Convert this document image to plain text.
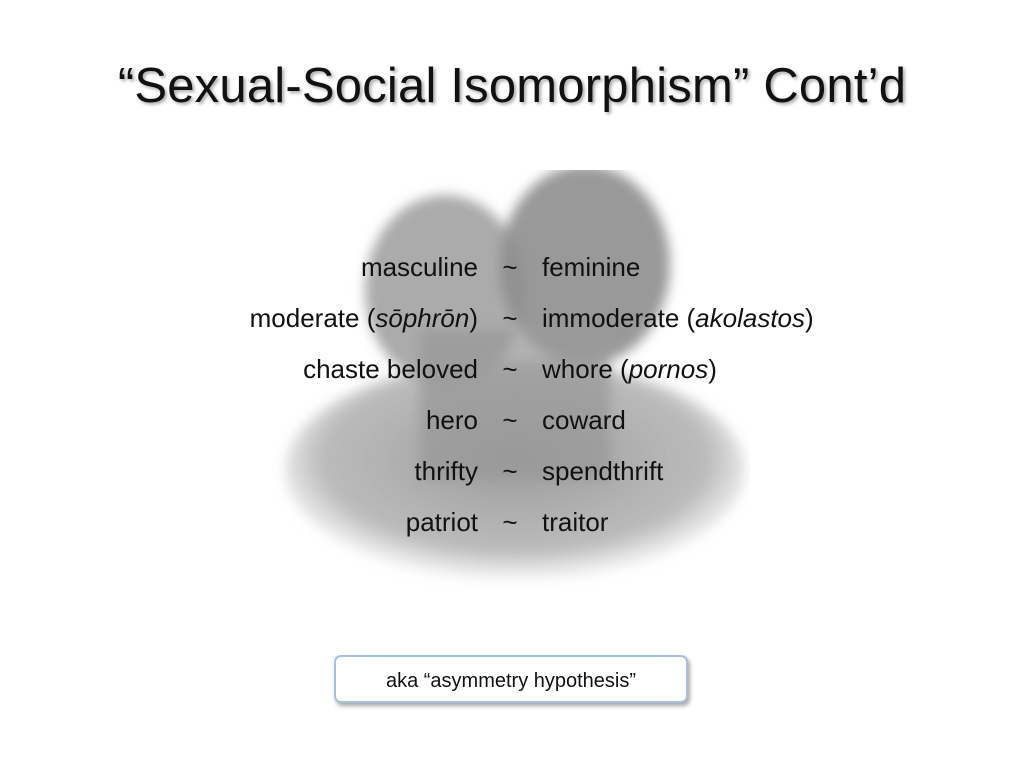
“Sexual-Social Isomorphism” Cont’d
masculine ~ feminine
moderate (sōphrōn) ~ immoderate (akolastos)
chaste beloved ~ whore (pornos)
hero ~ coward
thrifty ~ spendthrift
patriot ~ traitor
aka “asymmetry hypothesis”
